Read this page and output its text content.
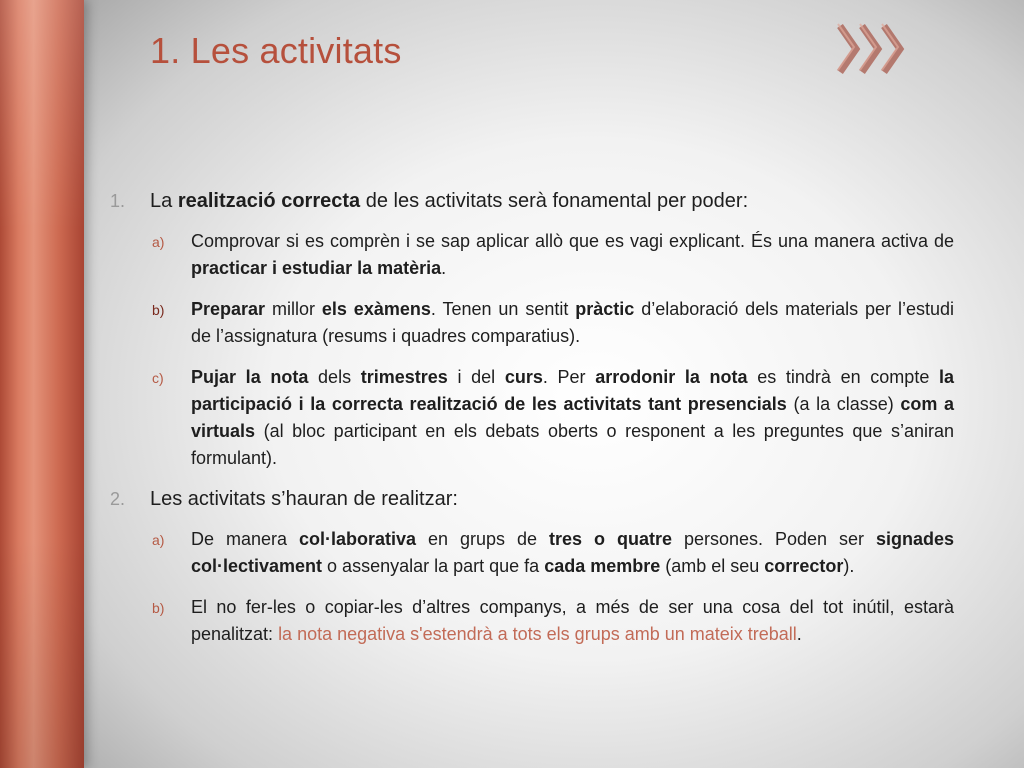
1. Les activitats
1. La realització correcta de les activitats serà fonamental per poder:
a) Comprovar si es comprèn i se sap aplicar allò que es vagi explicant. És una manera activa de practicar i estudiar la matèria.
b) Preparar millor els exàmens. Tenen un sentit pràctic d’elaboració dels materials per l’estudi de l’assignatura (resums i quadres comparatius).
c) Pujar la nota dels trimestres i del curs. Per arrodonir la nota es tindrà en compte la participació i la correcta realització de les activitats tant presencials (a la classe) com a virtuals (al bloc participant en els debats oberts o responent a les preguntes que s’aniran formulant).
2. Les activitats s’hauran de realitzar:
a) De manera col·laborativa en grups de tres o quatre persones. Poden ser signades col·lectivament o assenyalar la part que fa cada membre (amb el seu corrector).
b) El no fer-les o copiar-les d’altres companys, a més de ser una cosa del tot inútil, estarà penalitzat: la nota negativa s'estendrà a tots els grups amb un mateix treball.
